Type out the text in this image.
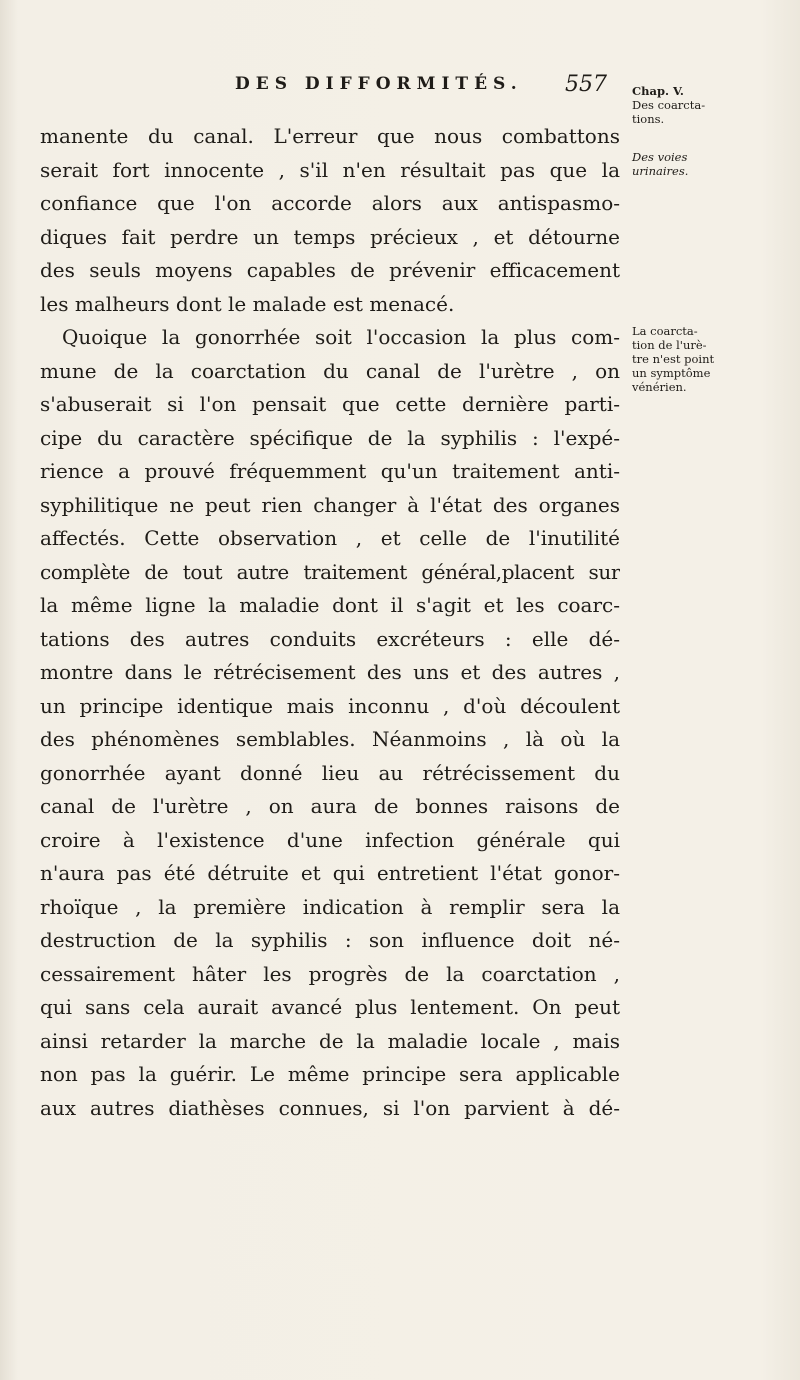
DES DIFFORMITÉS. 557 Chap. V.
Des coarcta-
tions.
Des voies
urinaires.
La coarcta-
tion de l'urè-
tre n'est point
un symptôme
vénérien.
manente du canal. L'erreur que nous combattons
serait fort innocente , s'il n'en résultait pas que la
confiance que l'on accorde alors aux antispasmo-
diques fait perdre un temps précieux , et détourne
des seuls moyens capables de prévenir efficacement
les malheurs dont le malade est menacé.
Quoique la gonorrhée soit l'occasion la plus com-
mune de la coarctation du canal de l'urètre , on
s'abuserait si l'on pensait que cette dernière parti-
cipe du caractère spécifique de la syphilis : l'expé-
rience a prouvé fréquemment qu'un traitement anti-
syphilitique ne peut rien changer à l'état des organes
affectés. Cette observation , et celle de l'inutilité
complète de tout autre traitement général,placent sur
la même ligne la maladie dont il s'agit et les coarc-
tations des autres conduits excréteurs : elle dé-
montre dans le rétrécisement des uns et des autres ,
un principe identique mais inconnu , d'où découlent
des phénomènes semblables. Néanmoins , là où la
gonorrhée ayant donné lieu au rétrécissement du
canal de l'urètre , on aura de bonnes raisons de
croire à l'existence d'une infection générale qui
n'aura pas été détruite et qui entretient l'état gonor-
rhoïque , la première indication à remplir sera la
destruction de la syphilis : son influence doit né-
cessairement hâter les progrès de la coarctation ,
qui sans cela aurait avancé plus lentement. On peut
ainsi retarder la marche de la maladie locale , mais
non pas la guérir. Le même principe sera applicable
aux autres diathèses connues, si l'on parvient à dé-
